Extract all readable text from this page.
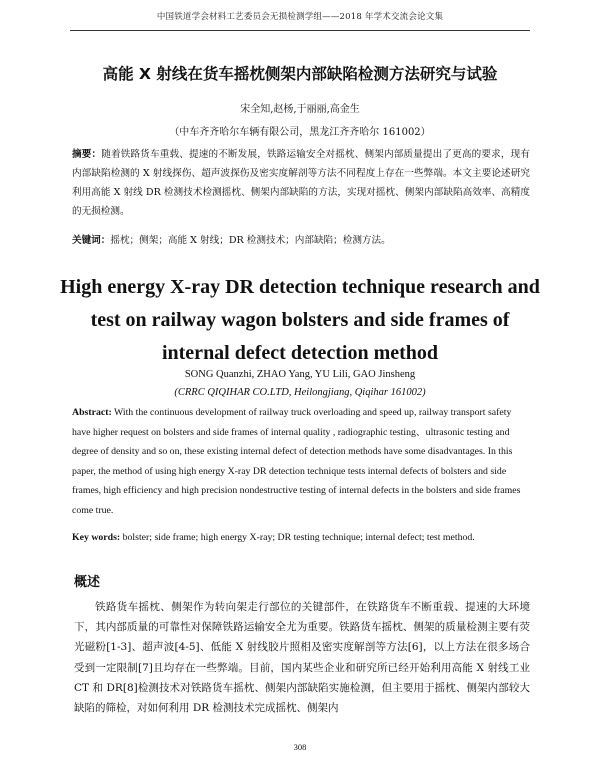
中国铁道学会材料工艺委员会无损检测学组——2018 年学术交流会论文集
高能 X 射线在货车摇枕侧架内部缺陷检测方法研究与试验
宋全知,赵杨,于丽丽,高金生
（中车齐齐哈尔车辆有限公司，黑龙江齐齐哈尔 161002）
摘要：随着铁路货车重载、提速的不断发展，铁路运输安全对摇枕、侧架内部质量提出了更高的要求，现有内部缺陷检测的 X 射线探伤、超声波探伤及密实度解剖等方法不同程度上存在一些弊端。本文主要论述研究利用高能 X 射线 DR 检测技术检测摇枕、侧架内部缺陷的方法，实现对摇枕、侧架内部缺陷高效率、高精度的无损检测。
关键词：摇枕；侧架；高能 X 射线；DR 检测技术；内部缺陷；检测方法。
High energy X-ray DR detection technique research and test on railway wagon bolsters and side frames of internal defect detection method
SONG Quanzhi, ZHAO Yang, YU Lili, GAO Jinsheng
(CRRC QIQIHAR CO.LTD, Heilongjiang, Qiqihar 161002)
Abstract: With the continuous development of railway truck overloading and speed up, railway transport safety have higher request on bolsters and side frames of internal quality , radiographic testing、ultrasonic testing and degree of density and so on, these existing internal defect of detection methods have some disadvantages. In this paper, the method of using high energy X-ray DR detection technique tests internal defects of bolsters and side frames, high efficiency and high precision nondestructive testing of internal defects in the bolsters and side frames come true.
Key words: bolster; side frame; high energy X-ray; DR testing technique; internal defect; test method.
概述
铁路货车摇枕、侧架作为转向架走行部位的关键部件，在铁路货车不断重载、提速的大环境下，其内部质量的可靠性对保障铁路运输安全尤为重要。铁路货车摇枕、侧架的质量检测主要有荧光磁粉[1-3]、超声波[4-5]、低能 X 射线胶片照相及密实度解剖等方法[6]，以上方法在很多场合受到一定限制[7]且均存在一些弊端。目前，国内某些企业和研究所已经开始利用高能 X 射线工业 CT 和 DR[8]检测技术对铁路货车摇枕、侧架内部缺陷实施检测，但主要用于摇枕、侧架内部较大缺陷的筛检，对如何利用 DR 检测技术完成摇枕、侧架内
308
